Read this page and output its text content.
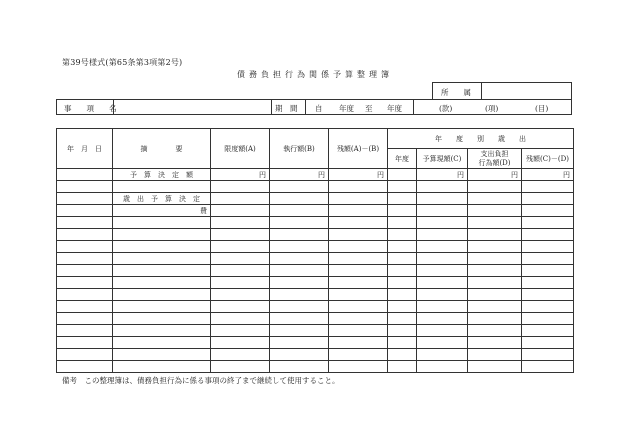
第39号様式(第65条第3項第2号)
債務負担行為関係予算整理簿
所　　属
事　　項　　名	期　間 自 年度 至 年度	(款)	(項)	(目)
年　月　日	摘　　　　要	限度額(A)	執行額(B)	残額(A)－(B)	年　　度　　別　　歳　　出			
					年度	予算現額(C)	支出負担
行為額(D)	残額(C)－(D)
	予　算　決　定　額	円	円	円		円	円	円

	歳　出　予　算　決　定							
	費							

備考　この整理簿は、債務負担行為に係る事項の終了まで継続して使用すること。
